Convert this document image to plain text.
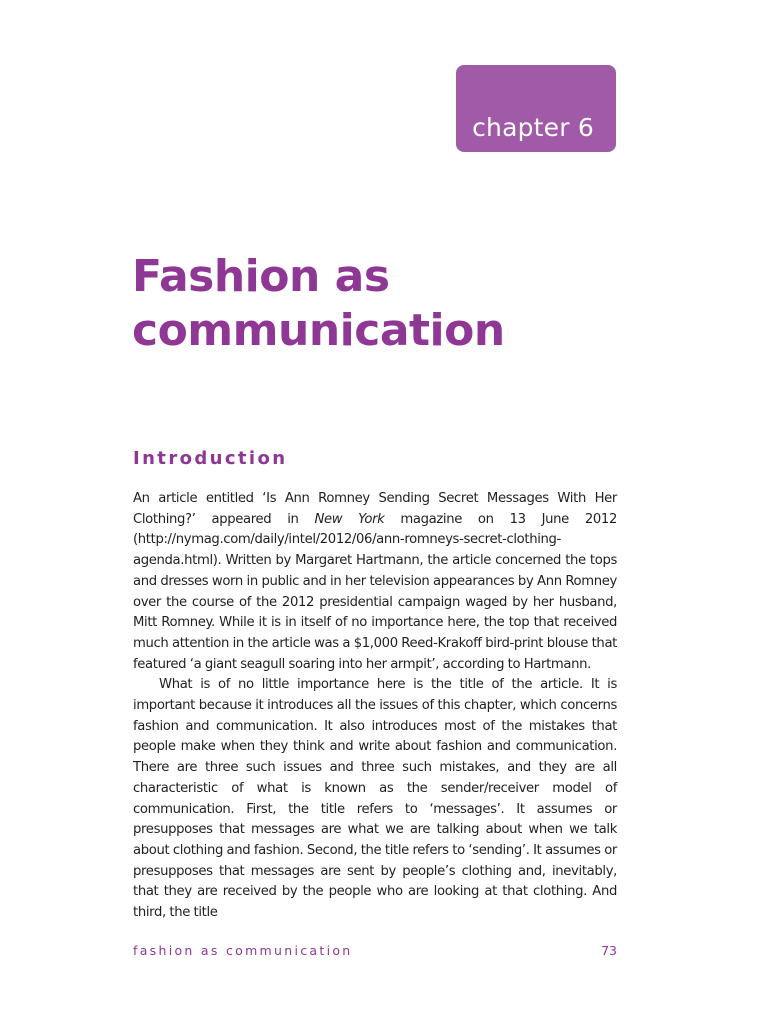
chapter 6
Fashion as communication
Introduction

An article entitled ‘Is Ann Romney Sending Secret Messages With Her Clothing?’ appeared in New York magazine on 13 June 2012 (http://nymag.com/daily/intel/2012/06/ann-romneys-secret-clothing-agenda.html). Written by Margaret Hartmann, the article concerned the tops and dresses worn in public and in her television appearances by Ann Romney over the course of the 2012 presidential campaign waged by her husband, Mitt Romney. While it is in itself of no importance here, the top that received much attention in the article was a $1,000 Reed-Krakoff bird-print blouse that featured ‘a giant seagull soaring into her armpit’, according to Hartmann.

What is of no little importance here is the title of the article. It is important because it introduces all the issues of this chapter, which concerns fashion and communication. It also introduces most of the mistakes that people make when they think and write about fashion and communication. There are three such issues and three such mistakes, and they are all characteristic of what is known as the sender/receiver model of communication. First, the title refers to ‘messages’. It assumes or presupposes that messages are what we are talking about when we talk about clothing and fashion. Second, the title refers to ‘sending’. It assumes or presupposes that messages are sent by people’s clothing and, inevitably, that they are received by the people who are looking at that clothing. And third, the title

fashion as communication	73
